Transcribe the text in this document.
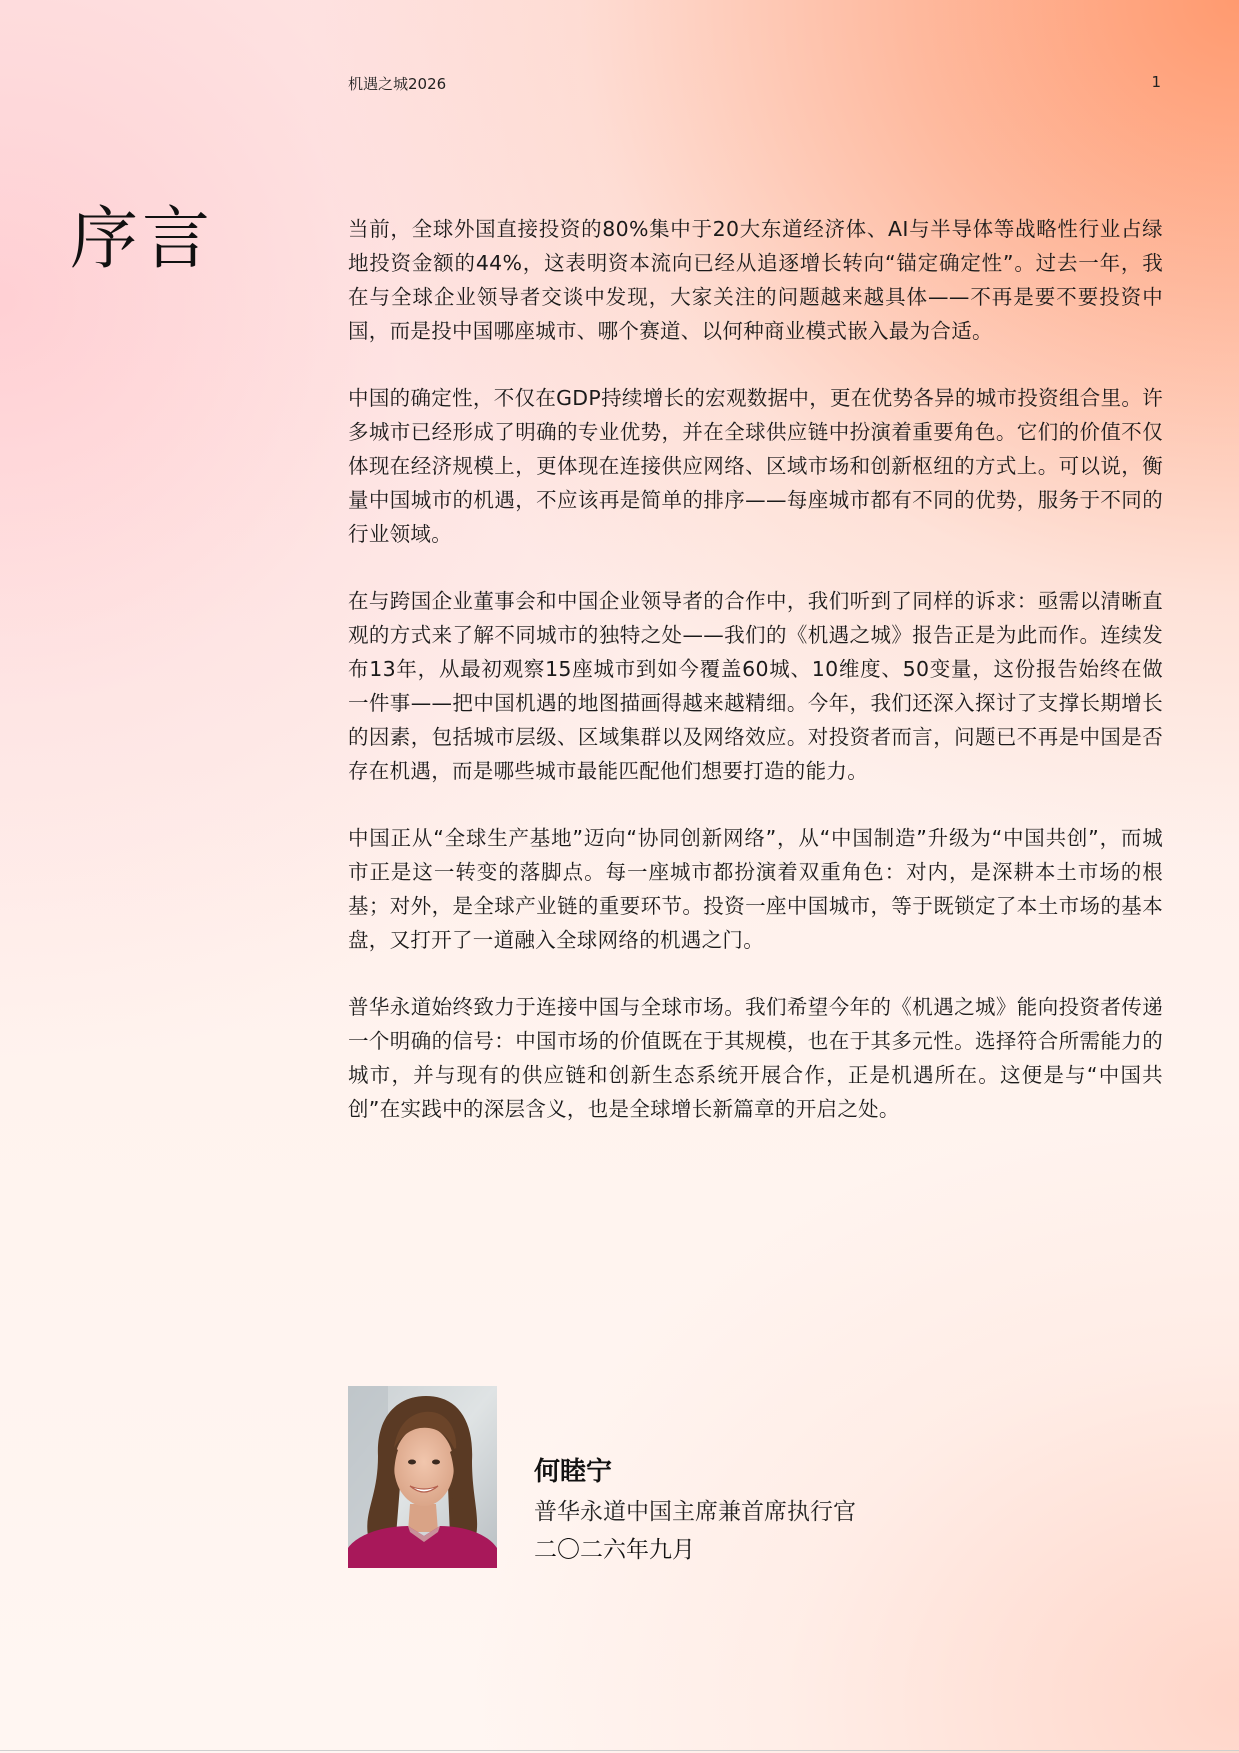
机遇之城2026	1
序言	当前，全球外国直接投资的80%集中于20大东道经济体、AI与半导体等战略性行业占绿地投资金额的44%，这表明资本流向已经从追逐增长转向“锚定确定性”。过去一年，我在与全球企业领导者交谈中发现，大家关注的问题越来越具体——不再是要不要投资中国，而是投中国哪座城市、哪个赛道、以何种商业模式嵌入最为合适。

中国的确定性，不仅在GDP持续增长的宏观数据中，更在优势各异的城市投资组合里。许多城市已经形成了明确的专业优势，并在全球供应链中扮演着重要角色。它们的价值不仅体现在经济规模上，更体现在连接供应网络、区域市场和创新枢纽的方式上。可以说，衡量中国城市的机遇，不应该再是简单的排序——每座城市都有不同的优势，服务于不同的行业领域。

在与跨国企业董事会和中国企业领导者的合作中，我们听到了同样的诉求：亟需以清晰直观的方式来了解不同城市的独特之处——我们的《机遇之城》报告正是为此而作。连续发布13年，从最初观察15座城市到如今覆盖60城、10维度、50变量，这份报告始终在做一件事——把中国机遇的地图描画得越来越精细。今年，我们还深入探讨了支撑长期增长的因素，包括城市层级、区域集群以及网络效应。对投资者而言，问题已不再是中国是否存在机遇，而是哪些城市最能匹配他们想要打造的能力。

中国正从“全球生产基地”迈向“协同创新网络”，从“中国制造”升级为“中国共创”，而城市正是这一转变的落脚点。每一座城市都扮演着双重角色：对内，是深耕本土市场的根基；对外，是全球产业链的重要环节。投资一座中国城市，等于既锁定了本土市场的基本盘，又打开了一道融入全球网络的机遇之门。

普华永道始终致力于连接中国与全球市场。我们希望今年的《机遇之城》能向投资者传递一个明确的信号：中国市场的价值既在于其规模，也在于其多元性。选择符合所需能力的城市，并与现有的供应链和创新生态系统开展合作，正是机遇所在。这便是与“中国共创”在实践中的深层含义，也是全球增长新篇章的开启之处。

何睦宁
普华永道中国主席兼首席执行官
二〇二六年九月
